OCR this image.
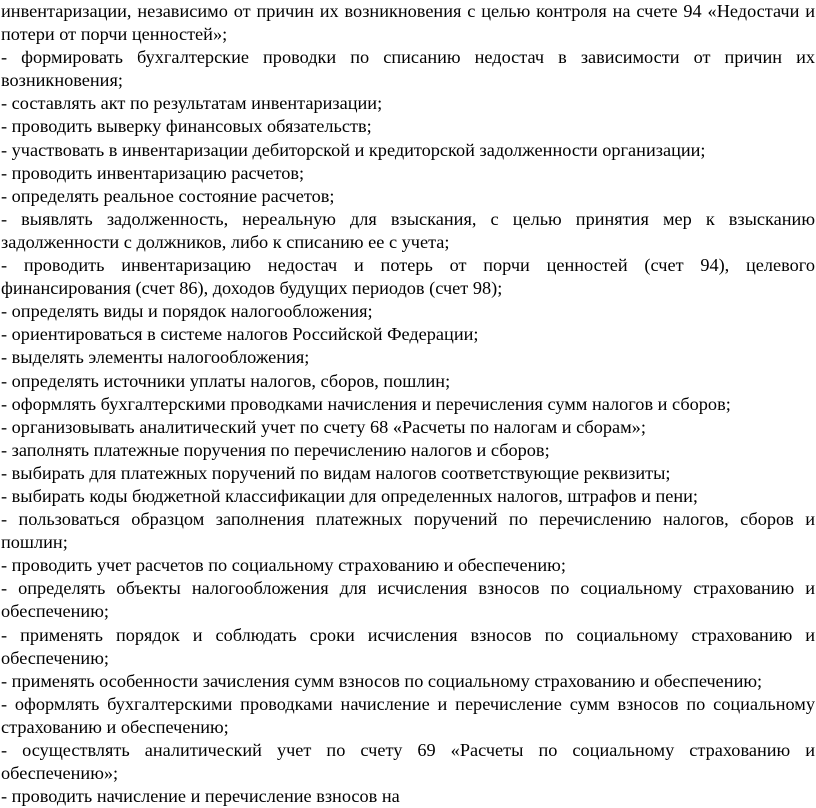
инвентаризации, независимо от причин их возникновения с целью контроля на счете 94 «Недостачи и потери от порчи ценностей»;

- формировать бухгалтерские проводки по списанию недостач в зависимости от причин их возникновения;

- составлять акт по результатам инвентаризации;

- проводить выверку финансовых обязательств;

- участвовать в инвентаризации дебиторской и кредиторской задолженности организации;

- проводить инвентаризацию расчетов;

- определять реальное состояние расчетов;

- выявлять задолженность, нереальную для взыскания, с целью принятия мер к взысканию задолженности с должников, либо к списанию ее с учета;

- проводить инвентаризацию недостач и потерь от порчи ценностей (счет 94), целевого финансирования (счет 86), доходов будущих периодов (счет 98);

- определять виды и порядок налогообложения;

- ориентироваться в системе налогов Российской Федерации;

- выделять элементы налогообложения;

- определять источники уплаты налогов, сборов, пошлин;

- оформлять бухгалтерскими проводками начисления и перечисления сумм налогов и сборов;

- организовывать аналитический учет по счету 68 «Расчеты по налогам и сборам»;

- заполнять платежные поручения по перечислению налогов и сборов;

- выбирать для платежных поручений по видам налогов соответствующие реквизиты;

- выбирать коды бюджетной классификации для определенных налогов, штрафов и пени;

- пользоваться образцом заполнения платежных поручений по перечислению налогов, сборов и пошлин;

- проводить учет расчетов по социальному страхованию и обеспечению;

- определять объекты налогообложения для исчисления взносов по социальному страхованию и обеспечению;

- применять порядок и соблюдать сроки исчисления взносов по социальному страхованию и обеспечению;

- применять особенности зачисления сумм взносов по социальному страхованию и обеспечению;

- оформлять бухгалтерскими проводками начисление и перечисление сумм взносов по социальному страхованию и обеспечению;

- осуществлять аналитический учет по счету 69 «Расчеты по социальному страхованию и обеспечению»;

- проводить начисление и перечисление взносов на
